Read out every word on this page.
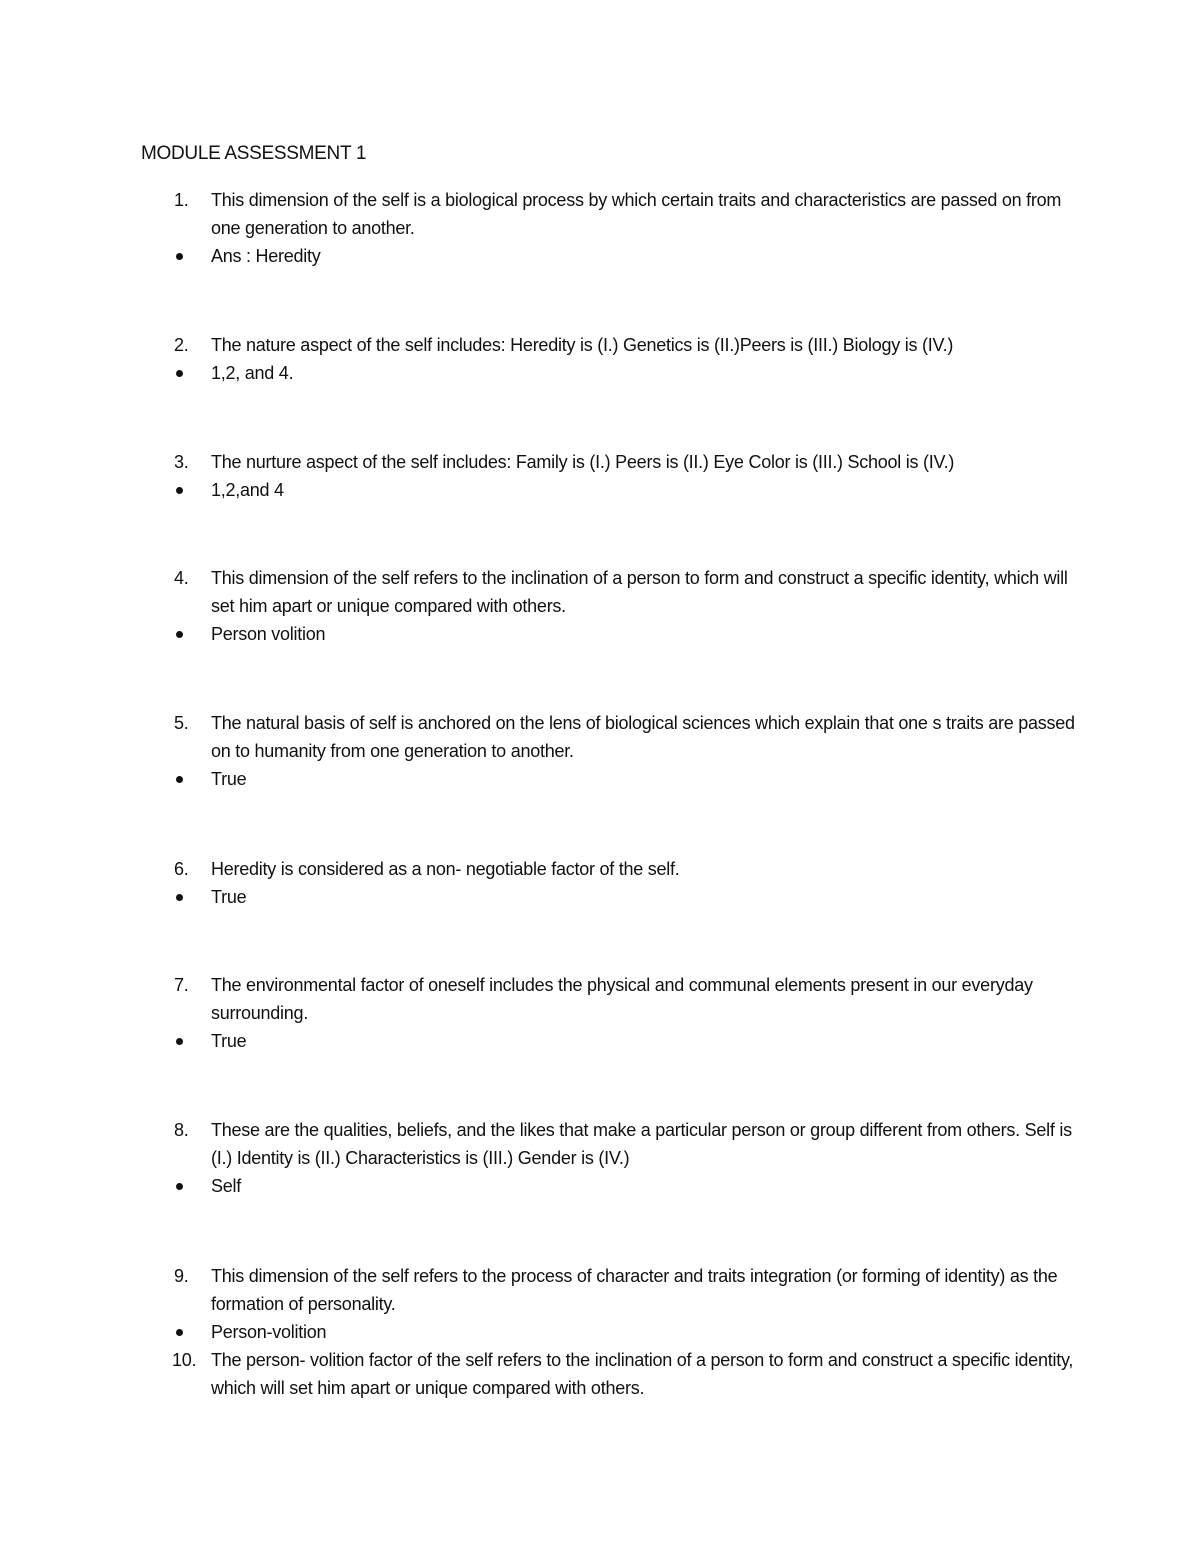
MODULE ASSESSMENT 1
1. This dimension of the self is a biological process by which certain traits and characteristics are passed on from one generation to another.
Ans : Heredity
2. The nature aspect of the self includes: Heredity is (I.) Genetics is (II.)Peers is (III.) Biology is (IV.)
1,2, and 4.
3. The nurture aspect of the self includes: Family is (I.) Peers is (II.) Eye Color is (III.) School is (IV.)
1,2,and 4
4. This dimension of the self refers to the inclination of a person to form and construct a specific identity, which will set him apart or unique compared with others.
Person volition
5. The natural basis of self is anchored on the lens of biological sciences which explain that one s traits are passed on to humanity from one generation to another.
True
6. Heredity is considered as a non- negotiable factor of the self.
True
7. The environmental factor of oneself includes the physical and communal elements present in our everyday surrounding.
True
8. These are the qualities, beliefs, and the likes that make a particular person or group different from others. Self is (I.) Identity is (II.) Characteristics is (III.) Gender is (IV.)
Self
9. This dimension of the self refers to the process of character and traits integration (or forming of identity) as the formation of personality.
Person-volition
10. The person- volition factor of the self refers to the inclination of a person to form and construct a specific identity, which will set him apart or unique compared with others.
